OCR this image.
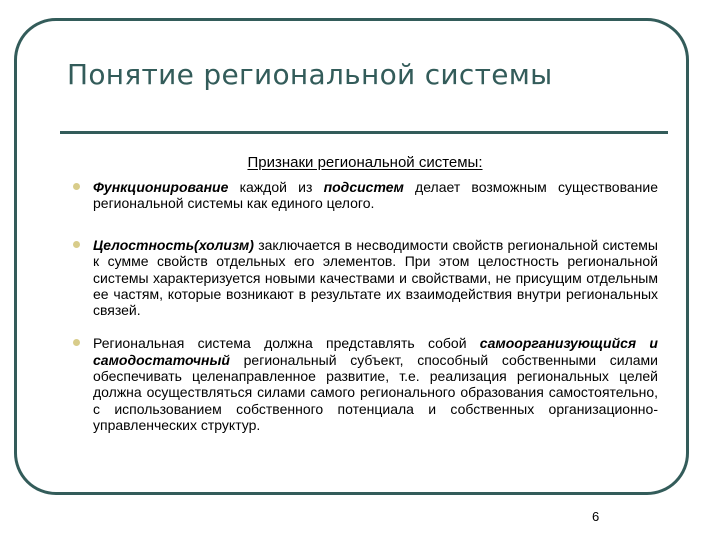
Понятие региональной системы
Признаки региональной системы:
Функционирование каждой из подсистем делает возможным существование региональной системы как единого целого.
Целостность(холизм) заключается в несводимости свойств региональной системы к сумме свойств отдельных его элементов. При этом целостность региональной системы характеризуется новыми качествами и свойствами, не присущим отдельным ее частям, которые возникают в результате их взаимодействия внутри региональных связей.
Региональная система должна представлять собой самоорганизующийся и самодостаточный региональный субъект, способный собственными силами обеспечивать целенаправленное развитие, т.е. реализация региональных целей должна осуществляться силами самого регионального образования самостоятельно, с использованием собственного потенциала и собственных организационно-управленческих структур.
6
